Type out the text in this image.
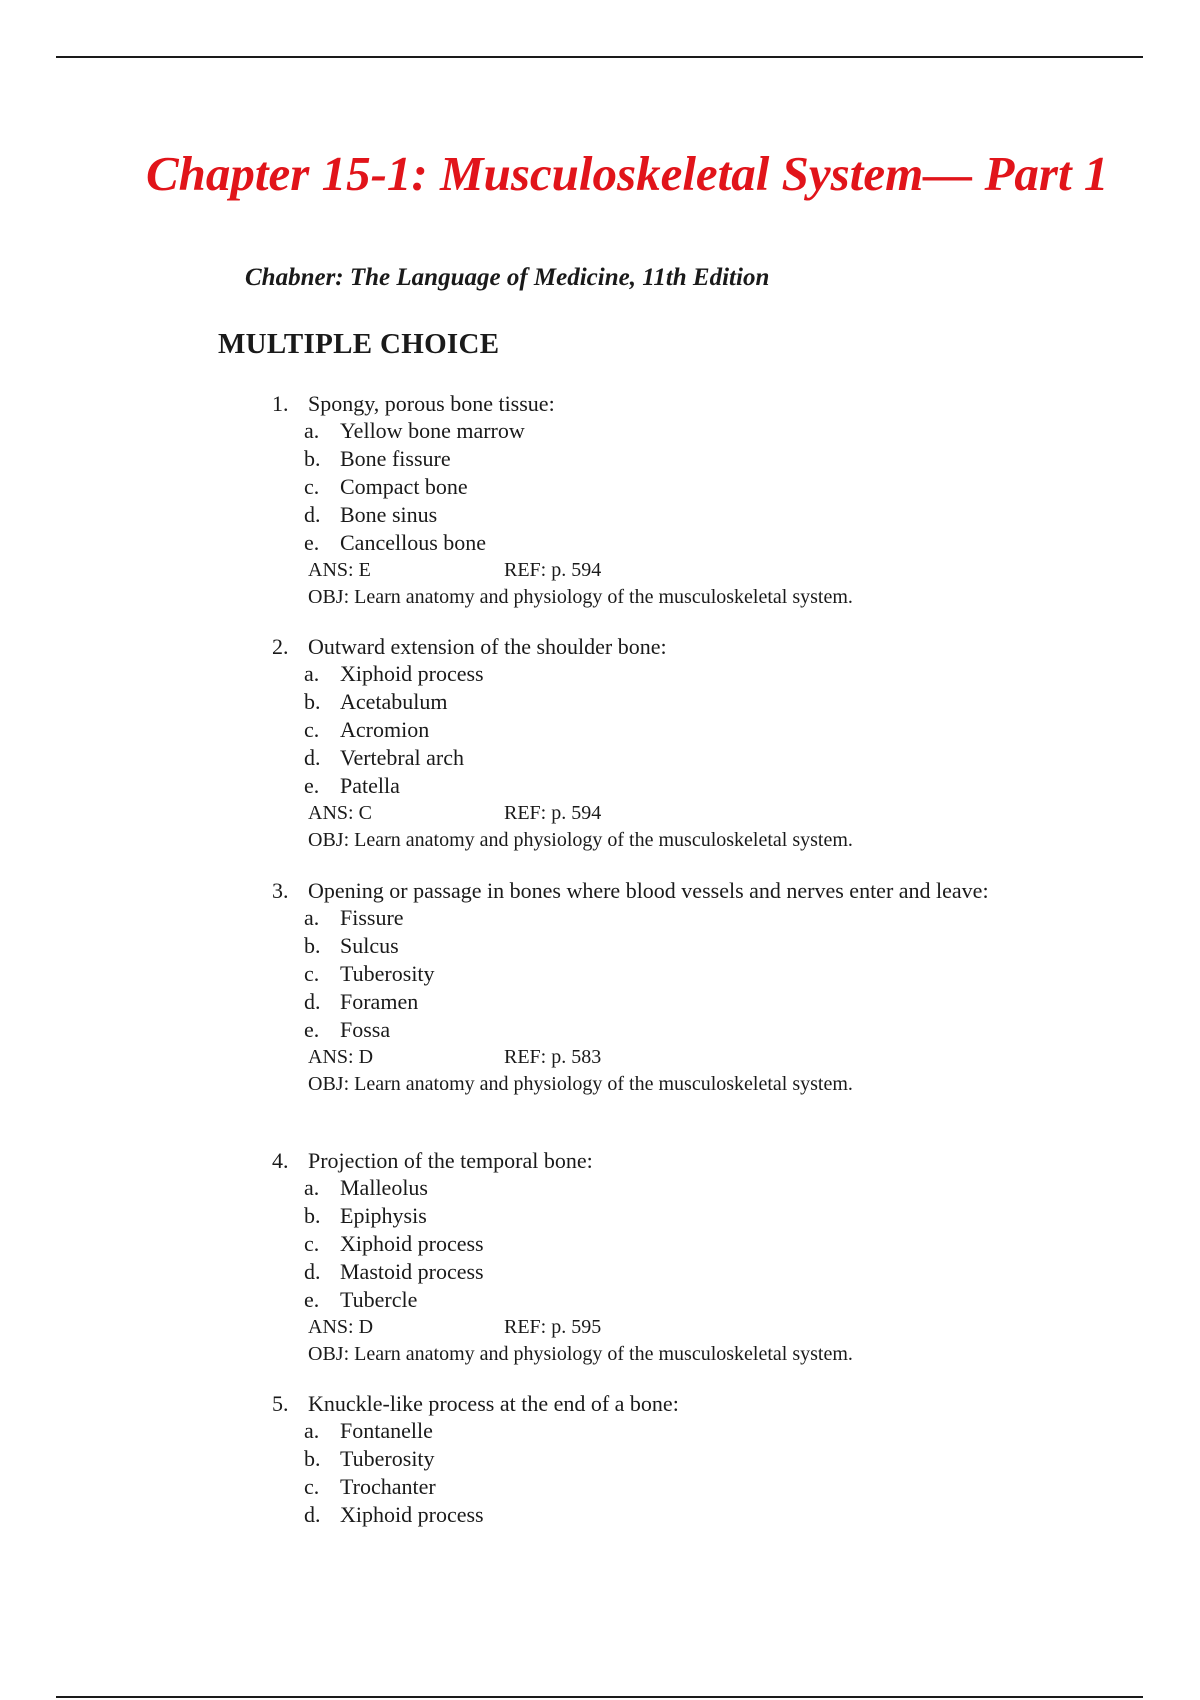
Chapter 15-1: Musculoskeletal System— Part 1

Chabner: The Language of Medicine, 11th Edition

MULTIPLE CHOICE
1. Spongy, porous bone tissue:
a. Yellow bone marrow
b. Bone fissure
c. Compact bone
d. Bone sinus
e. Cancellous bone
ANS: E	REF: p. 594
OBJ: Learn anatomy and physiology of the musculoskeletal system.
2. Outward extension of the shoulder bone:
a. Xiphoid process
b. Acetabulum
c. Acromion
d. Vertebral arch
e. Patella
ANS: C	REF: p. 594
OBJ: Learn anatomy and physiology of the musculoskeletal system.
3. Opening or passage in bones where blood vessels and nerves enter and leave:
a. Fissure
b. Sulcus
c. Tuberosity
d. Foramen
e. Fossa
ANS: D	REF: p. 583
OBJ: Learn anatomy and physiology of the musculoskeletal system.
4. Projection of the temporal bone:
a. Malleolus
b. Epiphysis
c. Xiphoid process
d. Mastoid process
e. Tubercle
ANS: D	REF: p. 595
OBJ: Learn anatomy and physiology of the musculoskeletal system.
5. Knuckle-like process at the end of a bone:
a. Fontanelle
b. Tuberosity
c. Trochanter
d. Xiphoid process
